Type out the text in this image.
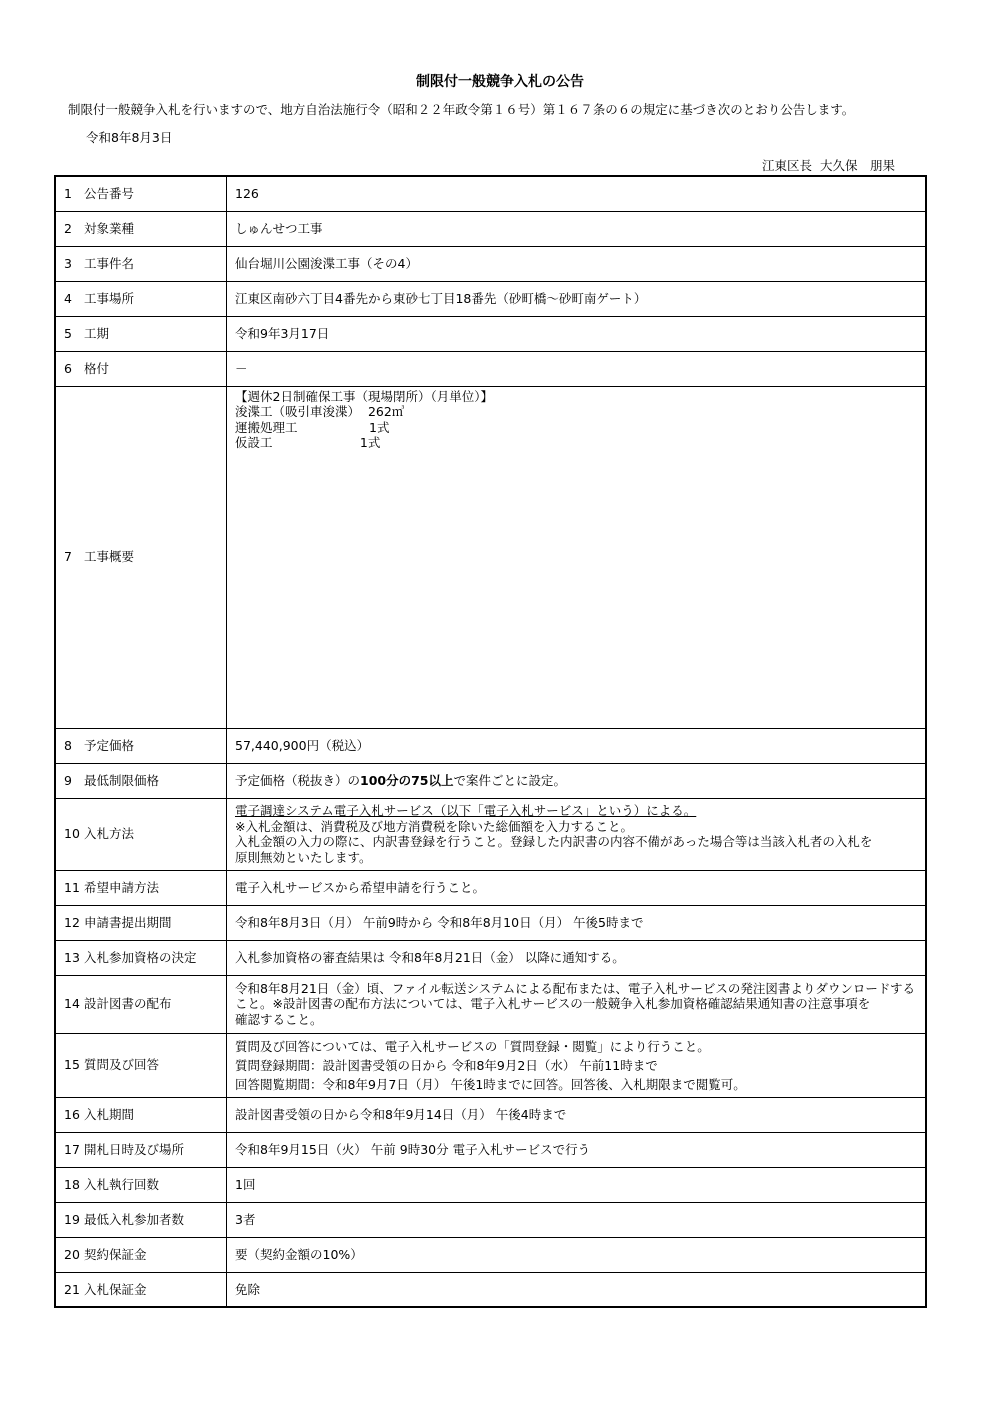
制限付一般競争入札の公告
制限付一般競争入札を行いますので、地方自治法施行令（昭和２２年政令第１６号）第１６７条の６の規定に基づき次のとおり公告します。
令和8年8月3日
江東区長 大久保　朋果
1 公告番号	126
2 対象業種	しゅんせつ工事
3 工事件名	仙台堀川公園浚渫工事（その4）
4 工事場所	江東区南砂六丁目4番先から東砂七丁目18番先（砂町橋～砂町南ゲート）
5 工期	令和9年3月17日
6 格付	－
7 工事概要	【週休2日制確保工事（現場閉所）（月単位）】
浚渫工（吸引車浚渫）  262㎥
運搬処理工                  1式
仮設工                      1式

8 予定価格	57,440,900円（税込）
9 最低制限価格	予定価格（税抜き）の100分の75以上で案件ごとに設定。
10 入札方法	電子調達システム電子入札サービス（以下「電子入札サービス」という）による。
※入札金額は、消費税及び地方消費税を除いた総価額を入力すること。
入札金額の入力の際に、内訳書登録を行うこと。登録した内訳書の内容不備があった場合等は当該入札者の入札を
原則無効といたします。

11 希望申請方法	電子入札サービスから希望申請を行うこと。
12 申請書提出期間	令和8年8月3日（月） 午前9時から 令和8年8月10日（月） 午後5時まで
13 入札参加資格の決定	入札参加資格の審査結果は 令和8年8月21日（金） 以降に通知する。
14 設計図書の配布	令和8年8月21日（金）頃、ファイル転送システムによる配布または、電子入札サービスの発注図書よりダウンロードする
こと。※設計図書の配布方法については、電子入札サービスの一般競争入札参加資格確認結果通知書の注意事項を
確認すること。

15 質問及び回答	質問及び回答については、電子入札サービスの「質問登録・閲覧」により行うこと。
質問登録期間：設計図書受領の日から 令和8年9月2日（水） 午前11時まで
回答閲覧期間：令和8年9月7日（月） 午後1時までに回答。回答後、入札期限まで閲覧可。

16 入札期間	設計図書受領の日から令和8年9月14日（月） 午後4時まで
17 開札日時及び場所	令和8年9月15日（火） 午前 9時30分 電子入札サービスで行う
18 入札執行回数	1回
19 最低入札参加者数	3者
20 契約保証金	要（契約金額の10%）
21 入札保証金	免除
